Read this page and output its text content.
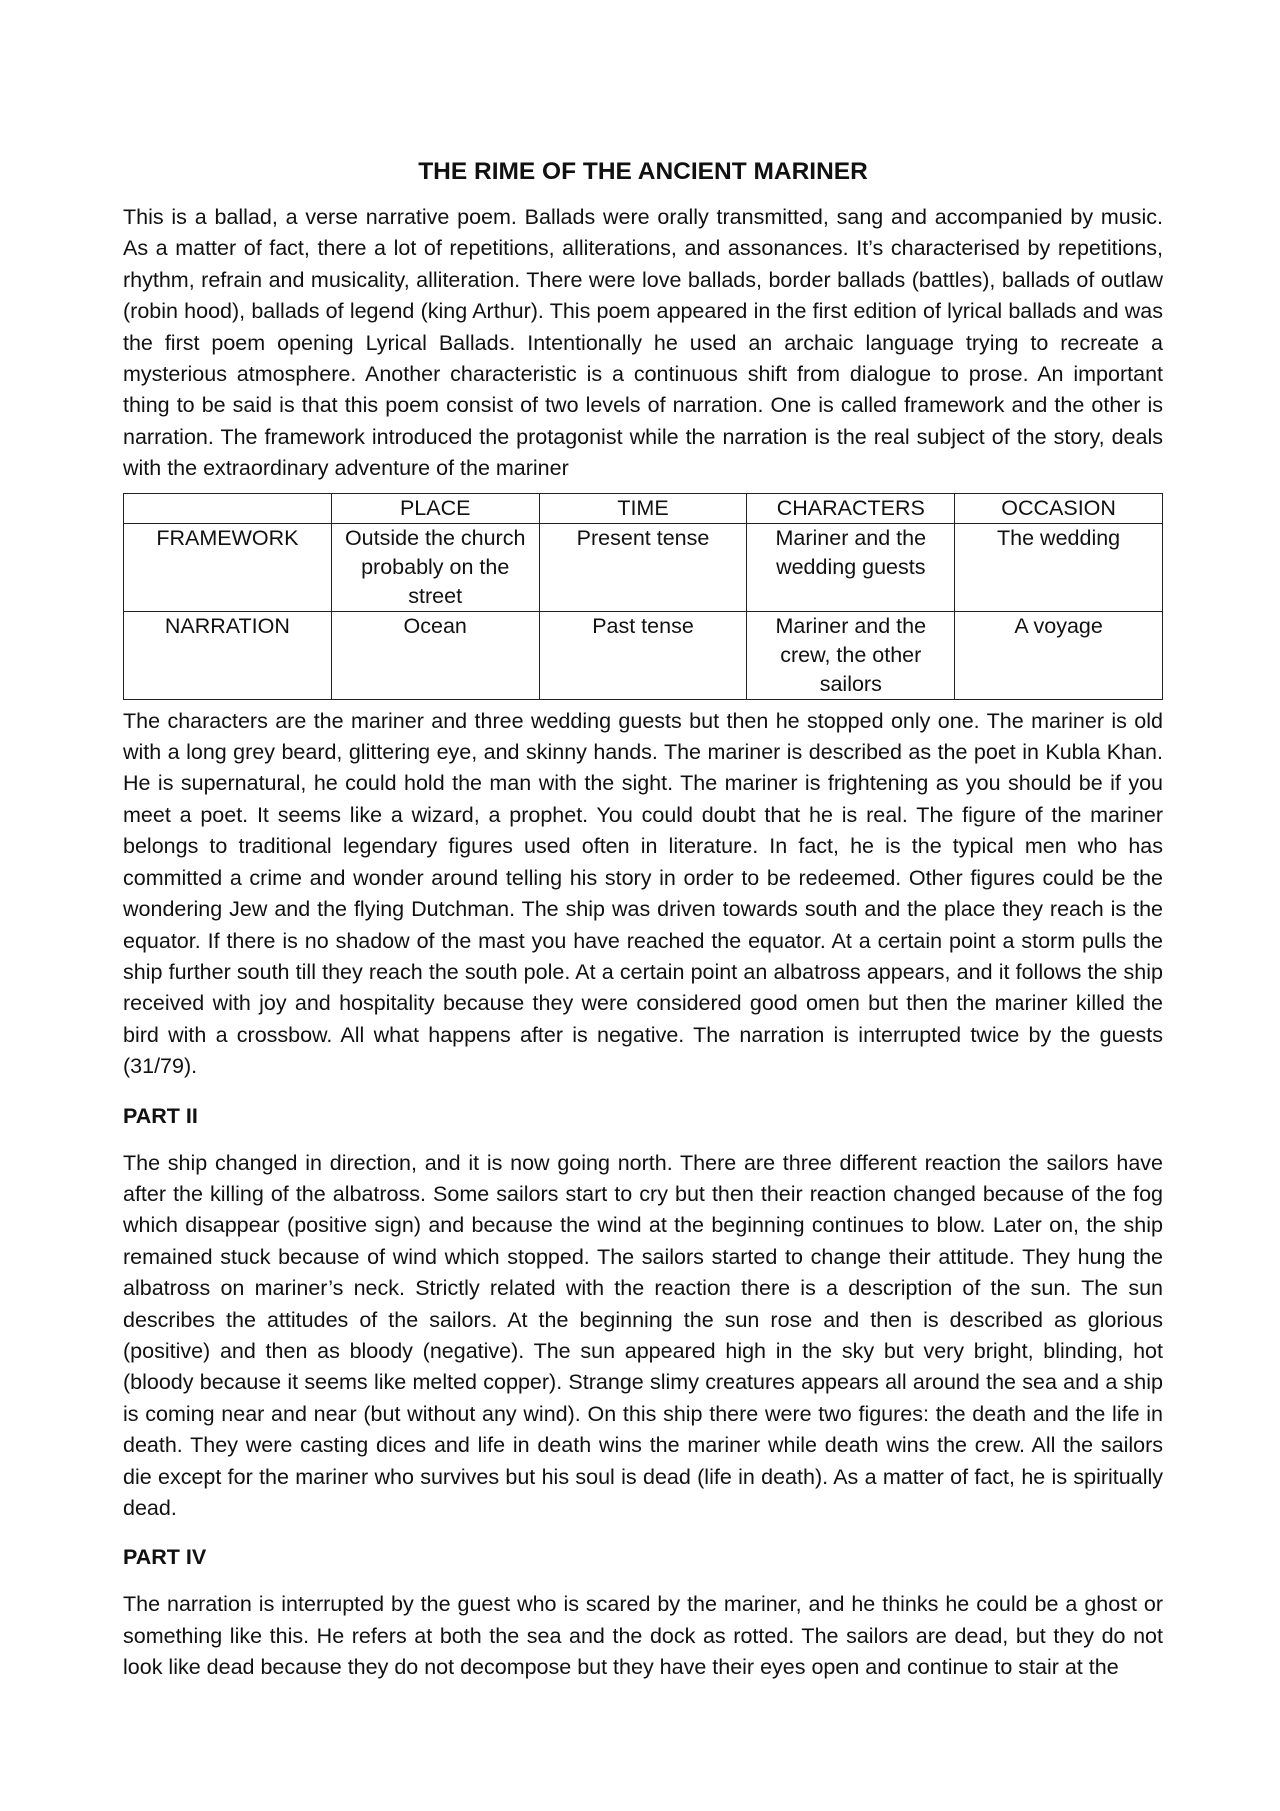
THE RIME OF THE ANCIENT MARINER

This is a ballad, a verse narrative poem. Ballads were orally transmitted, sang and accompanied by music. As a matter of fact, there a lot of repetitions, alliterations, and assonances. It’s characterised by repetitions, rhythm, refrain and musicality, alliteration. There were love ballads, border ballads (battles), ballads of outlaw (robin hood), ballads of legend (king Arthur). This poem appeared in the first edition of lyrical ballads and was the first poem opening Lyrical Ballads. Intentionally he used an archaic language trying to recreate a mysterious atmosphere. Another characteristic is a continuous shift from dialogue to prose. An important thing to be said is that this poem consist of two levels of narration. One is called framework and the other is narration. The framework introduced the protagonist while the narration is the real subject of the story, deals with the extraordinary adventure of the mariner

	PLACE	TIME	CHARACTERS	OCCASION
FRAMEWORK	Outside the church probably on the street	Present tense	Mariner and the wedding guests	The wedding
NARRATION	Ocean	Past tense	Mariner and the crew, the other sailors	A voyage

The characters are the mariner and three wedding guests but then he stopped only one. The mariner is old with a long grey beard, glittering eye, and skinny hands. The mariner is described as the poet in Kubla Khan. He is supernatural, he could hold the man with the sight. The mariner is frightening as you should be if you meet a poet. It seems like a wizard, a prophet. You could doubt that he is real. The figure of the mariner belongs to traditional legendary figures used often in literature. In fact, he is the typical men who has committed a crime and wonder around telling his story in order to be redeemed. Other figures could be the wondering Jew and the flying Dutchman. The ship was driven towards south and the place they reach is the equator. If there is no shadow of the mast you have reached the equator. At a certain point a storm pulls the ship further south till they reach the south pole. At a certain point an albatross appears, and it follows the ship received with joy and hospitality because they were considered good omen but then the mariner killed the bird with a crossbow. All what happens after is negative. The narration is interrupted twice by the guests (31/79).

PART II

The ship changed in direction, and it is now going north. There are three different reaction the sailors have after the killing of the albatross. Some sailors start to cry but then their reaction changed because of the fog which disappear (positive sign) and because the wind at the beginning continues to blow. Later on, the ship remained stuck because of wind which stopped. The sailors started to change their attitude. They hung the albatross on mariner’s neck. Strictly related with the reaction there is a description of the sun. The sun describes the attitudes of the sailors. At the beginning the sun rose and then is described as glorious (positive) and then as bloody (negative). The sun appeared high in the sky but very bright, blinding, hot (bloody because it seems like melted copper). Strange slimy creatures appears all around the sea and a ship is coming near and near (but without any wind). On this ship there were two figures: the death and the life in death. They were casting dices and life in death wins the mariner while death wins the crew. All the sailors die except for the mariner who survives but his soul is dead (life in death). As a matter of fact, he is spiritually dead.

PART IV

The narration is interrupted by the guest who is scared by the mariner, and he thinks he could be a ghost or something like this. He refers at both the sea and the dock as rotted. The sailors are dead, but they do not look like dead because they do not decompose but they have their eyes open and continue to stair at the
